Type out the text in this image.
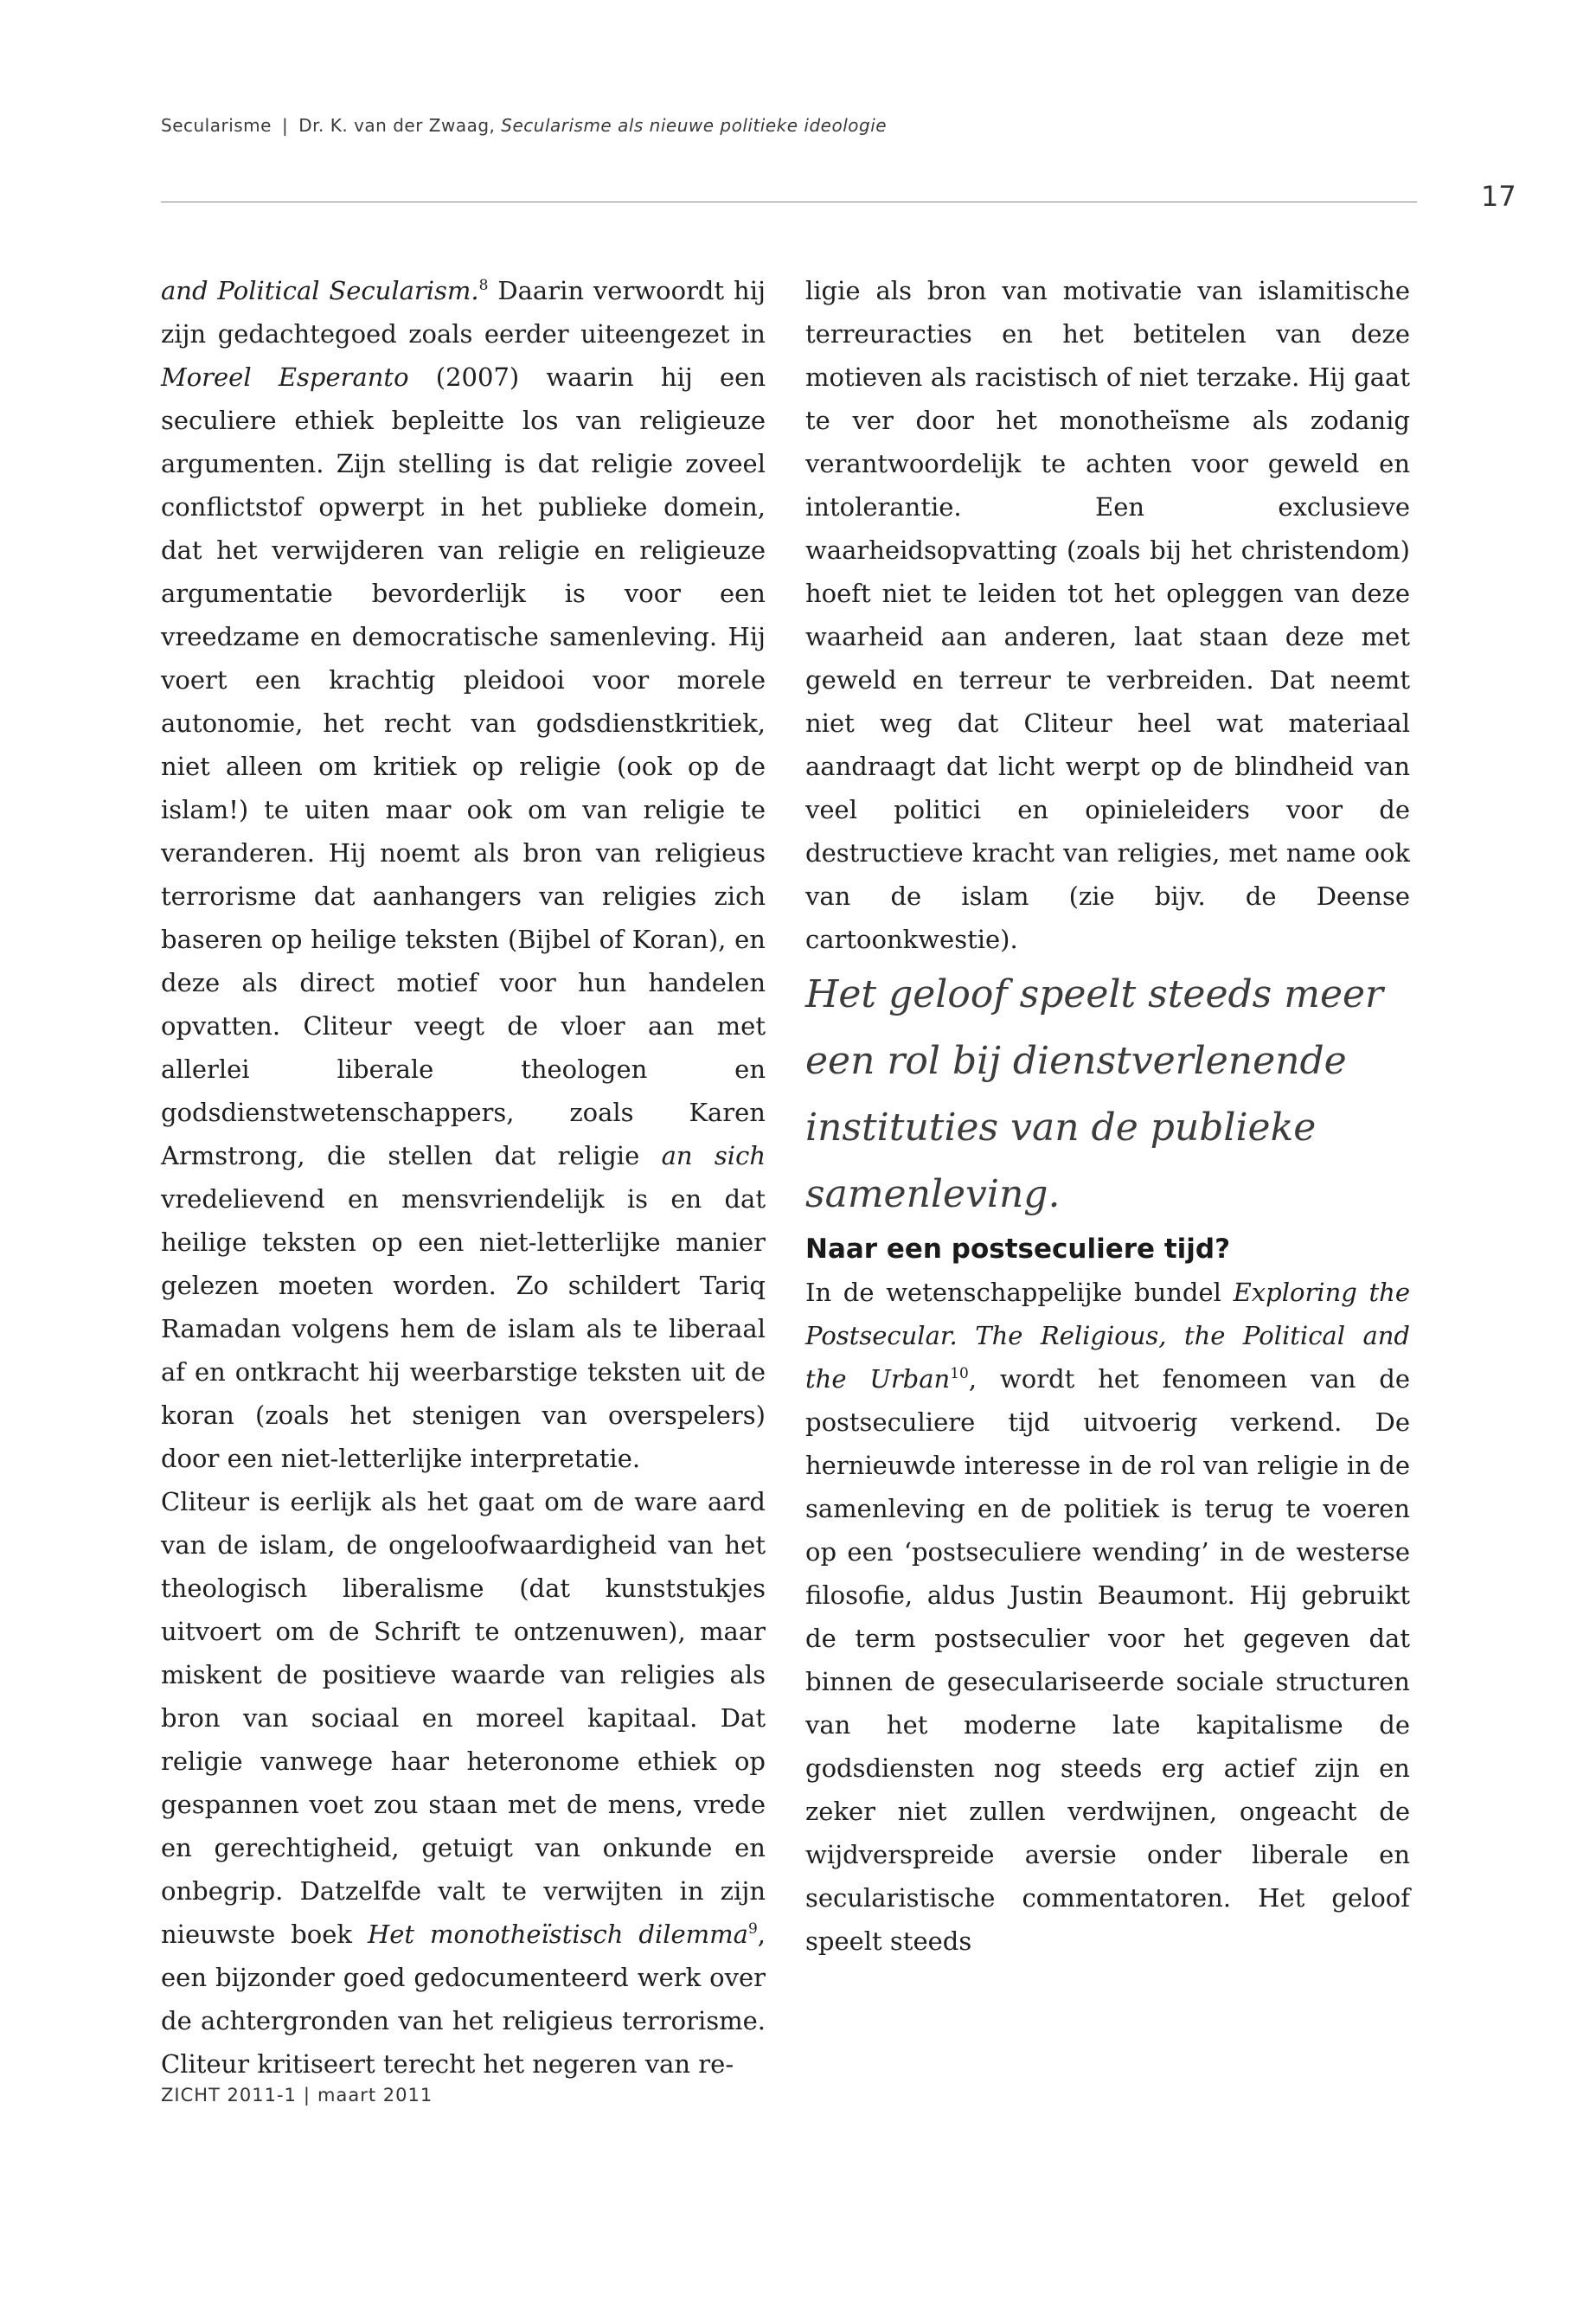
Secularisme | Dr. K. van der Zwaag, Secularisme als nieuwe politieke ideologie
17

and Political Secularism.$^8$ Daarin verwoordt hij zijn gedachtegoed zoals eerder uiteengezet in Moreel Esperanto (2007) waarin hij een seculiere ethiek bepleitte los van religieuze argumenten. Zijn stelling is dat religie zoveel conflictstof opwerpt in het publieke domein, dat het verwijderen van religie en religieuze argumentatie bevorderlijk is voor een vreedzame en democratische samenleving. Hij voert een krachtig pleidooi voor morele autonomie, het recht van godsdienstkritiek, niet alleen om kritiek op religie (ook op de islam!) te uiten maar ook om van religie te veranderen. Hij noemt als bron van religieus terrorisme dat aanhangers van religies zich baseren op heilige teksten (Bijbel of Koran), en deze als direct motief voor hun handelen opvatten. Cliteur veegt de vloer aan met allerlei liberale theologen en godsdienstwetenschappers, zoals Karen Armstrong, die stellen dat religie an sich vredelievend en mensvriendelijk is en dat heilige teksten op een niet-letterlijke manier gelezen moeten worden. Zo schildert Tariq Ramadan volgens hem de islam als te liberaal af en ontkracht hij weerbarstige teksten uit de koran (zoals het stenigen van overspelers) door een niet-letterlijke interpretatie.

Cliteur is eerlijk als het gaat om de ware aard van de islam, de ongeloofwaardigheid van het theologisch liberalisme (dat kunststukjes uitvoert om de Schrift te ontzenuwen), maar miskent de positieve waarde van religies als bron van sociaal en moreel kapitaal. Dat religie vanwege haar heteronome ethiek op gespannen voet zou staan met de mens, vrede en gerechtigheid, getuigt van onkunde en onbegrip. Datzelfde valt te verwijten in zijn nieuwste boek Het monotheïstisch dilemma$^9$, een bijzonder goed gedocumenteerd werk over de achtergronden van het religieus terrorisme. Cliteur kritiseert terecht het negeren van re-

ligie als bron van motivatie van islamitische terreuracties en het betitelen van deze motieven als racistisch of niet terzake. Hij gaat te ver door het monotheïsme als zodanig verantwoordelijk te achten voor geweld en intolerantie. Een exclusieve waarheidsopvatting (zoals bij het christendom) hoeft niet te leiden tot het opleggen van deze waarheid aan anderen, laat staan deze met geweld en terreur te verbreiden. Dat neemt niet weg dat Cliteur heel wat materiaal aandraagt dat licht werpt op de blindheid van veel politici en opinieleiders voor de destructieve kracht van religies, met name ook van de islam (zie bijv. de Deense cartoonkwestie).

Het geloof speelt steeds meer een rol bij dienstverlenende instituties van de publieke samenleving.

Naar een postseculiere tijd?

In de wetenschappelijke bundel Exploring the Postsecular. The Religious, the Political and the Urban$^{10}$, wordt het fenomeen van de postseculiere tijd uitvoerig verkend. De hernieuwde interesse in de rol van religie in de samenleving en de politiek is terug te voeren op een ‘postseculiere wending’ in de westerse filosofie, aldus Justin Beaumont. Hij gebruikt de term postseculier voor het gegeven dat binnen de geseculariseerde sociale structuren van het moderne late kapitalisme de godsdiensten nog steeds erg actief zijn en zeker niet zullen verdwijnen, ongeacht de wijdverspreide aversie onder liberale en secularistische commentatoren. Het geloof speelt steeds

ZICHT 2011-1 | maart 2011
